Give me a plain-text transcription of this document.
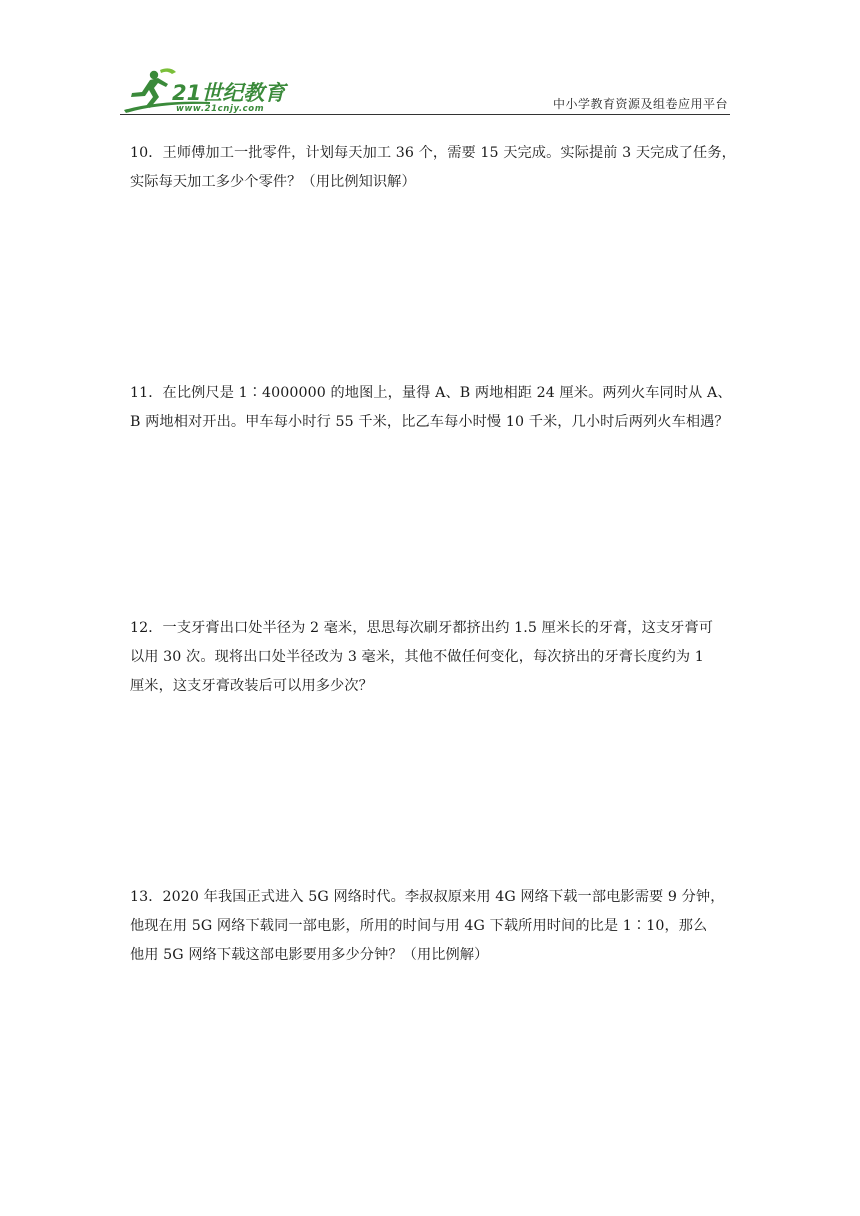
21世纪教育
www.21cnjy.com	中小学教育资源及组卷应用平台
10．王师傅加工一批零件，计划每天加工 36 个，需要 15 天完成。实际提前 3 天完成了任务，
实际每天加工多少个零件？（用比例知识解）
11．在比例尺是 1∶4000000 的地图上，量得 A、B 两地相距 24 厘米。两列火车同时从 A、
B 两地相对开出。甲车每小时行 55 千米，比乙车每小时慢 10 千米，几小时后两列火车相遇？
12．一支牙膏出口处半径为 2 毫米，思思每次刷牙都挤出约 1.5 厘米长的牙膏，这支牙膏可
以用 30 次。现将出口处半径改为 3 毫米，其他不做任何变化，每次挤出的牙膏长度约为 1
厘米，这支牙膏改装后可以用多少次？
13．2020 年我国正式进入 5G 网络时代。李叔叔原来用 4G 网络下载一部电影需要 9 分钟，
他现在用 5G 网络下载同一部电影，所用的时间与用 4G 下载所用时间的比是 1∶10，那么
他用 5G 网络下载这部电影要用多少分钟？（用比例解）
